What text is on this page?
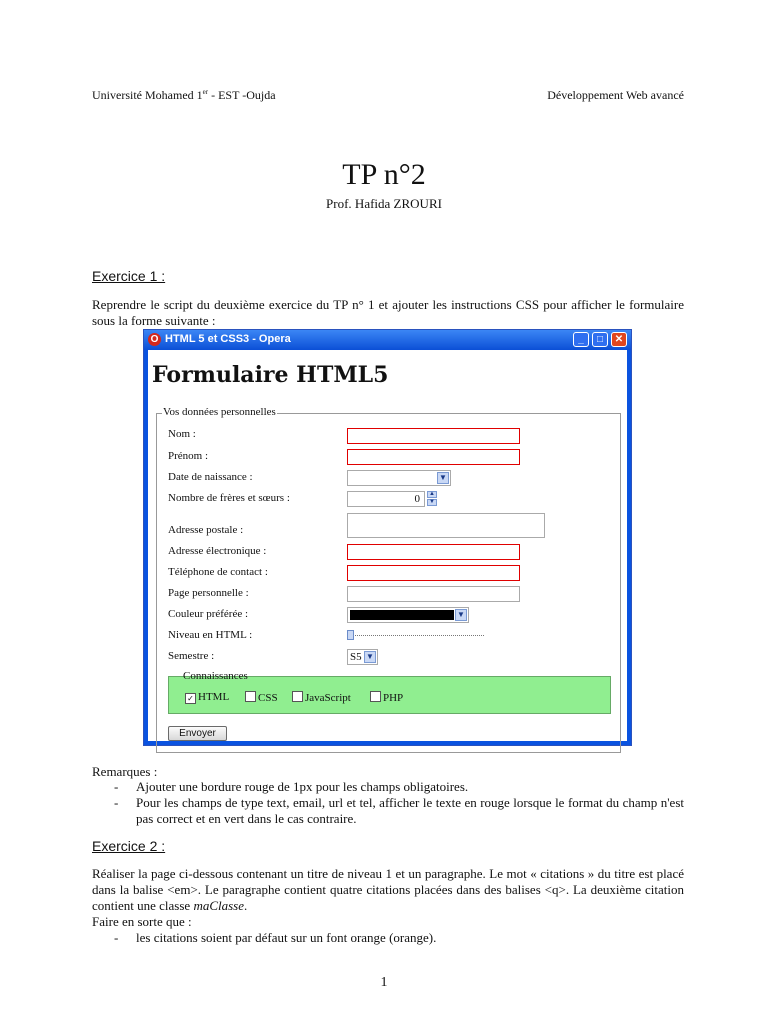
Université Mohamed 1er - EST -Oujda	Développement Web avancé
TP n°2
Prof. Hafida ZROURI
Exercice 1 :
Reprendre le script du deuxième exercice du TP n° 1 et ajouter les instructions CSS pour afficher le formulaire sous la forme suivante :
O HTML 5 et CSS3 - Opera	_	□	✕
Formulaire HTML5
Vos données personnelles
Nom :
Prénom :
Date de naissance :	▼
Nombre de frères et sœurs :	0	▲
▼
Adresse postale :
Adresse électronique :
Téléphone de contact :
Page personnelle :
Couleur préférée :	▼
Niveau en HTML :
Semestre :	S5 ▼
Connaissances
✓ HTML	CSS	JavaScript	PHP
Envoyer
Remarques :
- Ajouter une bordure rouge de 1px pour les champs obligatoires.
- Pour les champs de type text, email, url et tel, afficher le texte en rouge lorsque le format du champ n'est pas correct et en vert dans le cas contraire.
Exercice 2 :
Réaliser la page ci-dessous contenant un titre de niveau 1 et un paragraphe. Le mot « citations » du titre est placé dans la balise <em>. Le paragraphe contient quatre citations placées dans des balises <q>. La deuxième citation contient une classe maClasse.
Faire en sorte que :
- les citations soient par défaut sur un font orange (orange).
1
